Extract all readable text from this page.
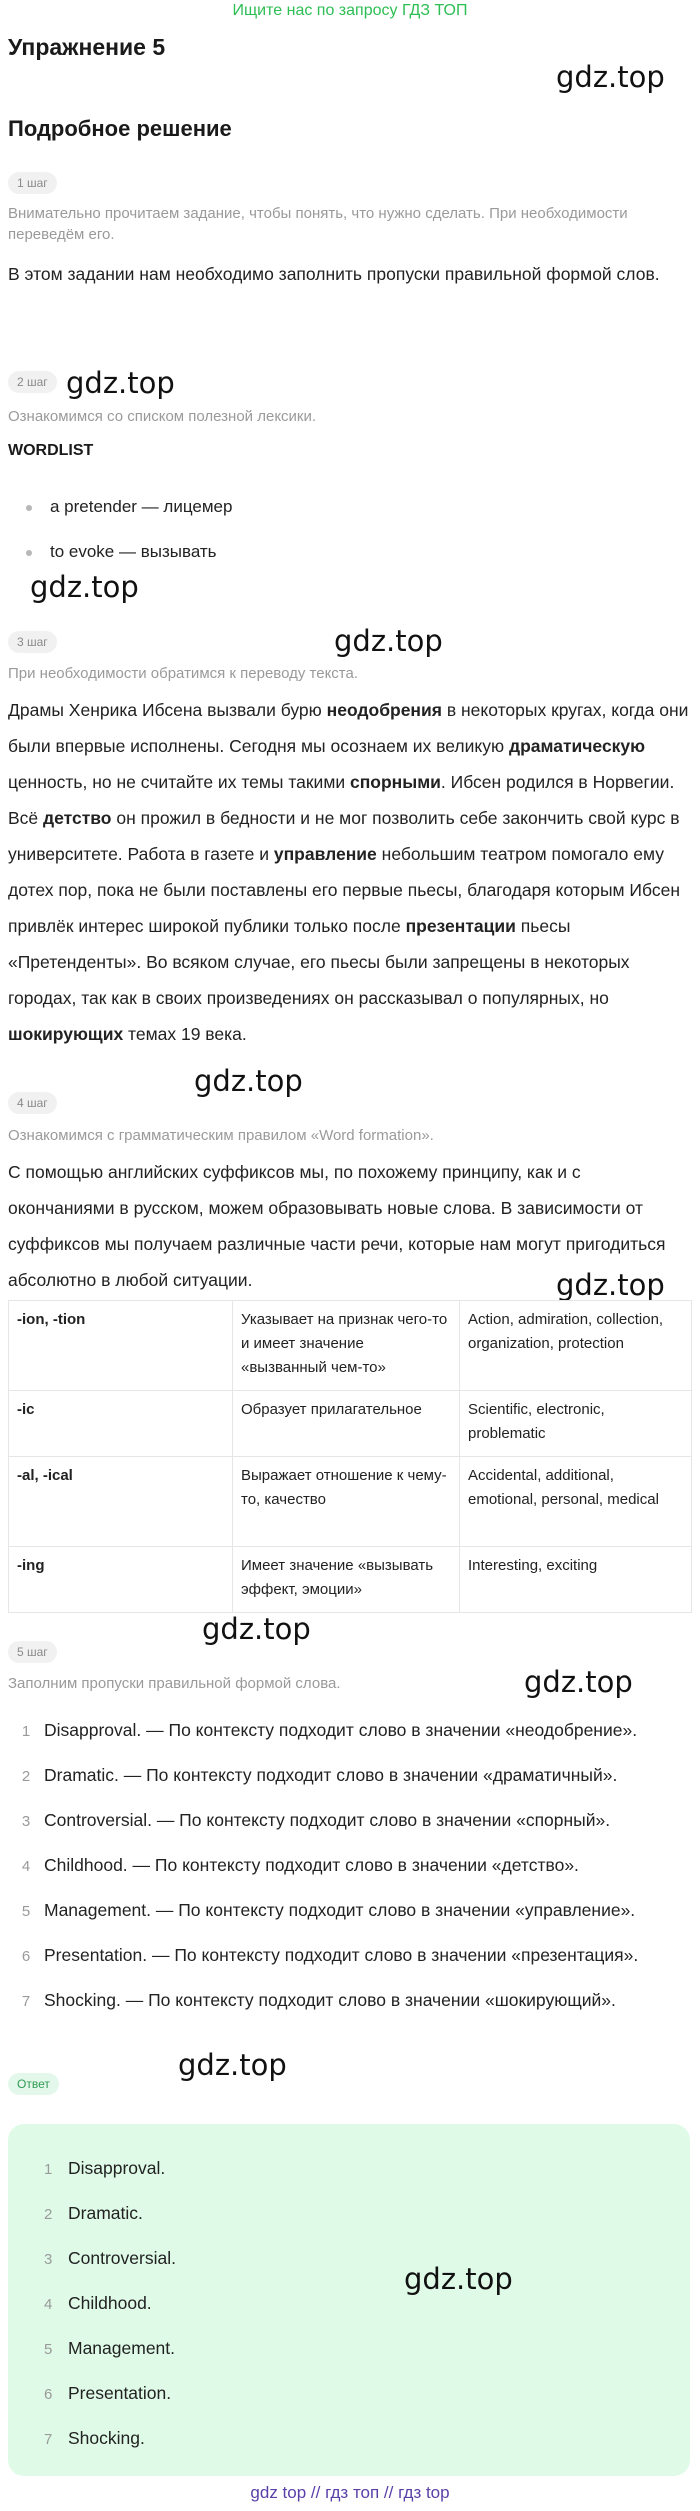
Ищите нас по запросу ГДЗ ТОП
Упражнение 5
gdz.top
Подробное решение
1 шаг
Внимательно прочитаем задание, чтобы понять, что нужно сделать. При необходимости переведём его.
В этом задании нам необходимо заполнить пропуски правильной формой слов.
2 шаг gdz.top
Ознакомимся со списком полезной лексики.
WORDLIST
a pretender — лицемер
to evoke — вызывать
gdz.top
gdz.top
3 шаг
При необходимости обратимся к переводу текста.
Драмы Хенрика Ибсена вызвали бурю неодобрения в некоторых кругах, когда они были впервые исполнены. Сегодня мы осознаем их великую драматическую ценность, но не считайте их темы такими спорными. Ибсен родился в Норвегии. Всё детство он прожил в бедности и не мог позволить себе закончить свой курс в университете. Работа в газете и управление небольшим театром помогало ему дотех пор, пока не были поставлены его первые пьесы, благодаря которым Ибсен привлёк интерес широкой публики только после презентации пьесы «Претенденты». Во всяком случае, его пьесы были запрещены в некоторых городах, так как в своих произведениях он рассказывал о популярных, но шокирующих темах 19 века.
gdz.top
4 шаг
Ознакомимся с грамматическим правилом «Word formation».
С помощью английских суффиксов мы, по похожему принципу, как и с окончаниями в русском, можем образовывать новые слова. В зависимости от суффиксов мы получаем различные части речи, которые нам могут пригодиться абсолютно в любой ситуации.	gdz.top
-ion, -tion	Указывает на признак чего-то и имеет значение «вызванный чем-то»	Action, admiration, collection, organization, protection
-ic	Образует прилагательное	Scientific, electronic, problematic
-al, -ical	Выражает отношение к чему-то, качество	Accidental, additional, emotional, personal, medical
-ing	Имеет значение «вызывать эффект, эмоции»	Interesting, exciting
gdz.top
5 шаг
gdz.top
Заполним пропуски правильной формой слова.
1 Disapproval. — По контексту подходит слово в значении «неодобрение».
2 Dramatic. — По контексту подходит слово в значении «драматичный».
3 Controversial. — По контексту подходит слово в значении «спорный».
4 Childhood. — По контексту подходит слово в значении «детство».
5 Management. — По контексту подходит слово в значении «управление».
6 Presentation. — По контексту подходит слово в значении «презентация».
7 Shocking. — По контексту подходит слово в значении «шокирующий».
gdz.top
Ответ
1 Disapproval.
2 Dramatic.
3 Controversial.
4 Childhood.
5 Management.
6 Presentation.
7 Shocking.
gdz.top
gdz top // гдз топ // гдз top
